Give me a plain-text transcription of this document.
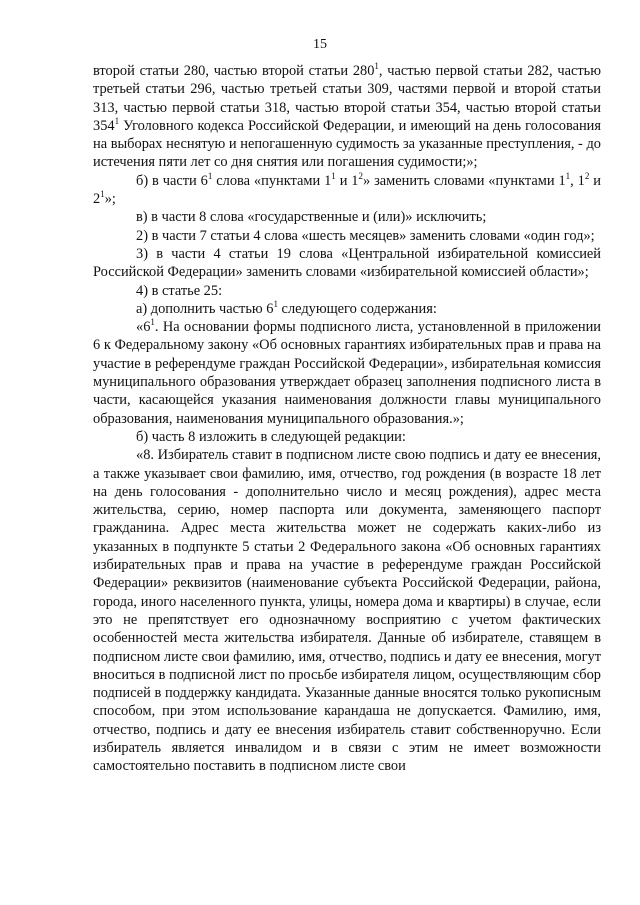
15

второй статьи 280, частью второй статьи $280^1$, частью первой статьи 282, частью третьей статьи 296, частью третьей статьи 309, частями первой и второй статьи 313, частью первой статьи 318, частью второй статьи 354, частью второй статьи $354^1$ Уголовного кодекса Российской Федерации, и имеющий на день голосования на выборах неснятую и непогашенную судимость за указанные преступления, - до истечения пяти лет со дня снятия или погашения судимости;»;

б) в части $6^1$ слова «пунктами $1^1$ и $1^2$» заменить словами «пунктами $1^1$, $1^2$ и $2^1$»;

в) в части 8 слова «государственные и (или)» исключить;

2) в части 7 статьи 4 слова «шесть месяцев» заменить словами «один год»;

3) в части 4 статьи 19 слова «Центральной избирательной комиссией Российской Федерации» заменить словами «избирательной комиссией области»;

4) в статье 25:

а) дополнить частью $6^1$ следующего содержания:

«$6^1$. На основании формы подписного листа, установленной в приложении 6 к Федеральному закону «Об основных гарантиях избирательных прав и права на участие в референдуме граждан Российской Федерации», избирательная комиссия муниципального образования утверждает образец заполнения подписного листа в части, касающейся указания наименования должности главы муниципального образования, наименования муниципального образования.»;

б) часть 8 изложить в следующей редакции:

«8. Избиратель ставит в подписном листе свою подпись и дату ее внесения, а также указывает свои фамилию, имя, отчество, год рождения (в возрасте 18 лет на день голосования - дополнительно число и месяц рождения), адрес места жительства, серию, номер паспорта или документа, заменяющего паспорт гражданина. Адрес места жительства может не содержать каких-либо из указанных в подпункте 5 статьи 2 Федерального закона «Об основных гарантиях избирательных прав и права на участие в референдуме граждан Российской Федерации» реквизитов (наименование субъекта Российской Федерации, района, города, иного населенного пункта, улицы, номера дома и квартиры) в случае, если это не препятствует его однозначному восприятию с учетом фактических особенностей места жительства избирателя. Данные об избирателе, ставящем в подписном листе свои фамилию, имя, отчество, подпись и дату ее внесения, могут вноситься в подписной лист по просьбе избирателя лицом, осуществляющим сбор подписей в поддержку кандидата. Указанные данные вносятся только рукописным способом, при этом использование карандаша не допускается. Фамилию, имя, отчество, подпись и дату ее внесения избиратель ставит собственноручно. Если избиратель является инвалидом и в связи с этим не имеет возможности самостоятельно поставить в подписном листе свои
